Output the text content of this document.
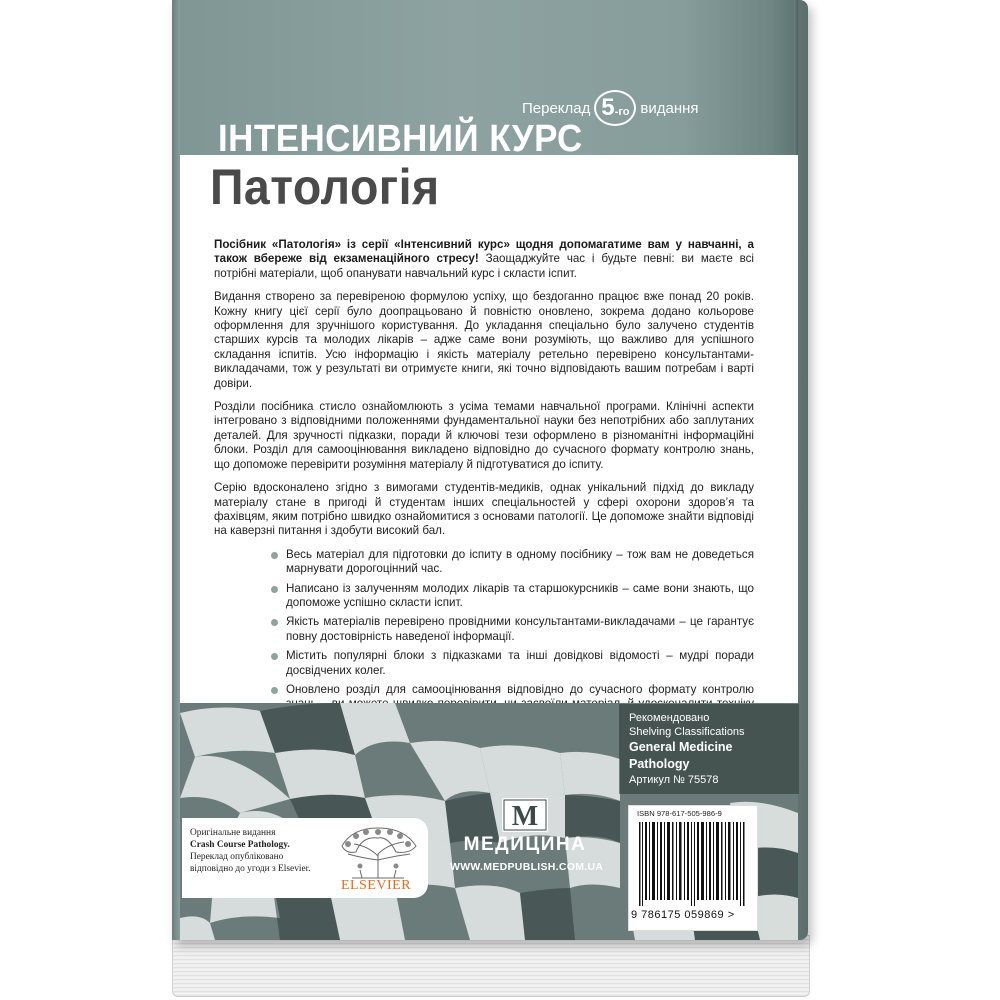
Переклад 5 -го видання
ІНТЕНСИВНИЙ КУРС
Патологія

Посібник «Патологія» із серії «Інтенсивний курс» щодня допомагатиме вам у навчанні, а також вбереже від екзаменаційного стресу! Заощаджуйте час і будьте певні: ви маєте всі потрібні матеріали, щоб опанувати навчальний курс і скласти іспит.

Видання створено за перевіреною формулою успіху, що бездоганно працює вже понад 20 років. Кожну книгу цієї серії було доопрацьовано й повністю оновлено, зокрема додано кольорове оформлення для зручнішого користування. До укладання спеціально було залучено студентів старших курсів та молодих лікарів – адже саме вони розуміють, що важливо для успішного складання іспитів. Усю інформацію і якість матеріалу ретельно перевірено консультантами-викладачами, тож у результаті ви отримуєте книги, які точно відповідають вашим потребам і варті довіри.

Розділи посібника стисло ознайомлюють з усіма темами навчальної програми. Клінічні аспекти інтегровано з відповідними положеннями фундаментальної науки без непотрібних або заплутаних деталей. Для зручності підказки, поради й ключові тези оформлено в різноманітні інформаційні блоки. Розділ для самооцінювання викладено відповідно до сучасного формату контролю знань, що допоможе перевірити розуміння матеріалу й підготуватися до іспиту.

Серію вдосконалено згідно з вимогами студентів-медиків, однак унікальний підхід до викладу матеріалу стане в пригоді й студентам інших спеціальностей у сфері охорони здоров’я та фахівцям, яким потрібно швидко ознайомитися з основами патології. Це допоможе знайти відповіді на каверзні питання і здобути високий бал.

Весь матеріал для підготовки до іспиту в одному посібнику – тож вам не доведеться марнувати дорогоцінний час.
Написано із залученням молодих лікарів та старшокурсників – саме вони знають, що допоможе успішно скласти іспит.
Якість матеріалів перевірено провідними консультантами-викладачами – це гарантує повну достовірність наведеної інформації.
Містить популярні блоки з підказками та інші довідкові відомості – мудрі поради досвідчених колег.
Оновлено розділ для самооцінювання відповідно до сучасного формату контролю
Рекомендовано
Shelving Classifications
General Medicine
Pathology
Артикул № 75578
ISBN 978-617-505-986-9
9 786175 059869 >
Оригінальне видання
Crash Course Pathology.
Переклад опубліковано
відповідно до угоди з Elsevier.
ELSEVIER
M
МЕДИЦИНА
WWW.MEDPUBLISH.COM.UA
